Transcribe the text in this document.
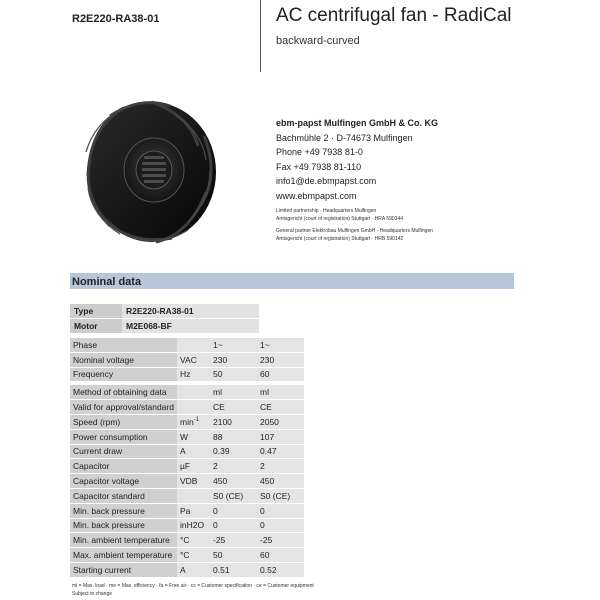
R2E220-RA38-01	AC centrifugal fan - RadiCal
backward-curved
ebm-papst Mulfingen GmbH & Co. KG
Bachmühle 2 · D-74673 Mulfingen
Phone +49 7938 81-0
Fax +49 7938 81-110
info1@de.ebmpapst.com
www.ebmpapst.com
Limited partnership · Headquarters Mulfingen
Amtsgericht (court of registration) Stuttgart · HRA 590344
General partner Elektrobau Mulfingen GmbH · Headquarters Mulfingen
Amtsgericht (court of registration) Stuttgart · HRB 590142
Nominal data
Type	R2E220-RA38-01
Motor	M2E068-BF
Phase		1~	1~
Nominal voltage	VAC	230	230
Frequency	Hz	50	60

Method of obtaining data		ml	ml
Valid for approval/standard		CE	CE
Speed (rpm)	$\min^{-1}$	2100	2050
Power consumption	W	88	107
Current draw	A	0.39	0.47
Capacitor	µF	2	2
Capacitor voltage	VDB	450	450
Capacitor standard		S0 (CE)	S0 (CE)
Min. back pressure	Pa	0	0
Min. back pressure	inH2O	0	0
Min. ambient temperature	°C	-25	-25
Max. ambient temperature	°C	50	60
Starting current	A	0.51	0.52
ml = Max. load · me = Max. efficiency · fa = Free air · cs = Customer specification · ce = Customer equipment
Subject to change
